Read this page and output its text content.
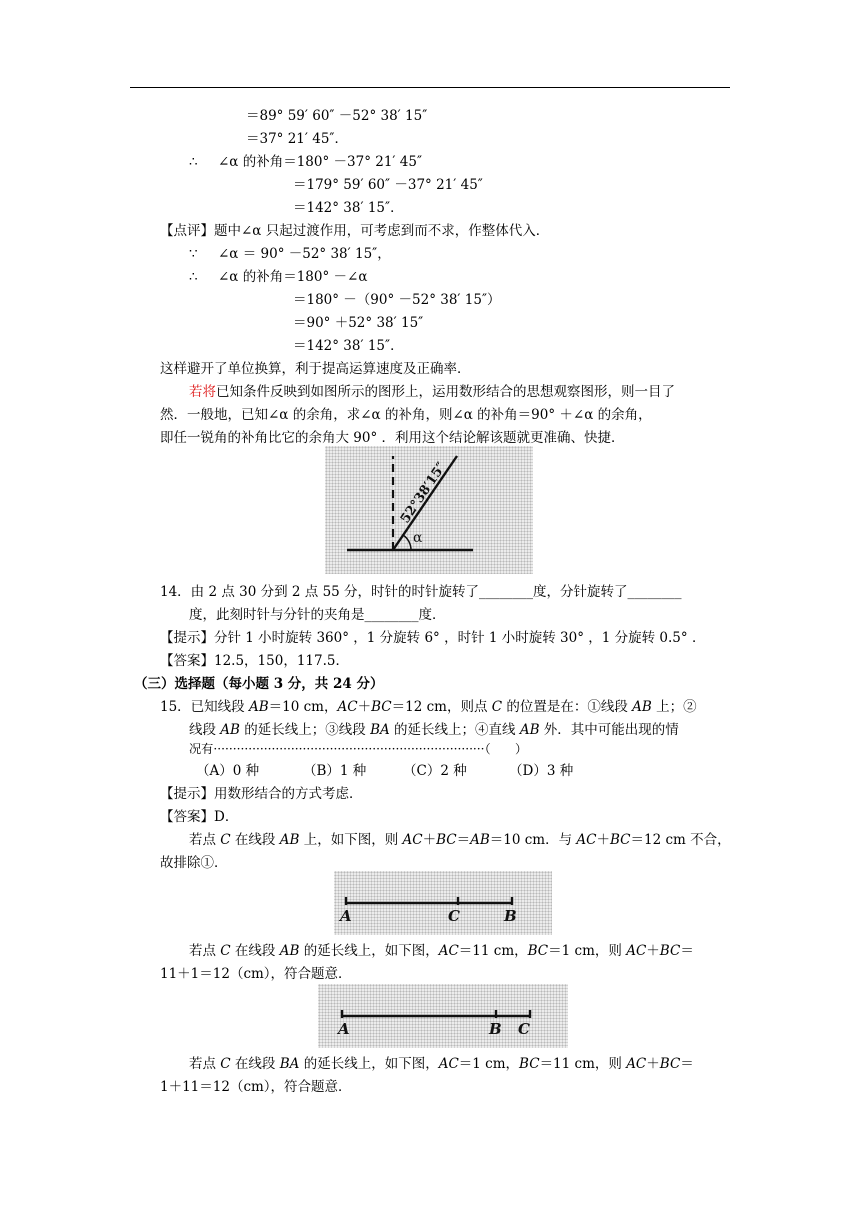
＝89° 59′ 60″ －52° 38′ 15″
＝37° 21′ 45″．
∴ ∠α 的补角＝180° －37° 21′ 45″
＝179° 59′ 60″ －37° 21′ 45″
＝142° 38′ 15″．
【点评】题中∠α 只起过渡作用，可考虑到而不求，作整体代入．
∵ ∠α ＝ 90° －52° 38′ 15″，
∴ ∠α 的补角＝180° －∠α
＝180° －（90° －52° 38′ 15″）
＝90° ＋52° 38′ 15″
＝142° 38′ 15″．
这样避开了单位换算，利于提高运算速度及正确率．
若将已知条件反映到如图所示的图形上，运用数形结合的思想观察图形，则一目了
然．一般地，已知∠α 的余角，求∠α 的补角，则∠α 的补角＝90° ＋∠α 的余角，
即任一锐角的补角比它的余角大 90° ．利用这个结论解该题就更准确、快捷．
α
52°38′15″
14．由 2 点 30 分到 2 点 55 分，时针的时针旋转了________度，分针旋转了________
度，此刻时针与分针的夹角是________度．
【提示】分针 1 小时旋转 360° ，1 分旋转 6° ，时针 1 小时旋转 30° ，1 分旋转 0.5° ．
【答案】12.5，150，117.5．
（三）选择题（每小题 3 分，共 24 分）
15．已知线段 AB＝10 cm，AC＋BC＝12 cm，则点 C 的位置是在：①线段 AB 上；②
线段 AB 的延长线上；③线段 BA 的延长线上；④直线 AB 外．其中可能出现的情
况有······································································（　　）
（A）0 种	（B）1 种	（C）2 种	（D）3 种
【提示】用数形结合的方式考虑．
【答案】D．
若点 C 在线段 AB 上，如下图，则 AC＋BC＝AB＝10 cm．与 AC＋BC＝12 cm 不合，
故排除①．
A	C	B
若点 C 在线段 AB 的延长线上，如下图，AC＝11 cm，BC＝1 cm，则 AC＋BC＝
11＋1＝12（cm），符合题意．
A	B C
若点 C 在线段 BA 的延长线上，如下图，AC＝1 cm，BC＝11 cm，则 AC＋BC＝
1＋11＝12（cm），符合题意．
